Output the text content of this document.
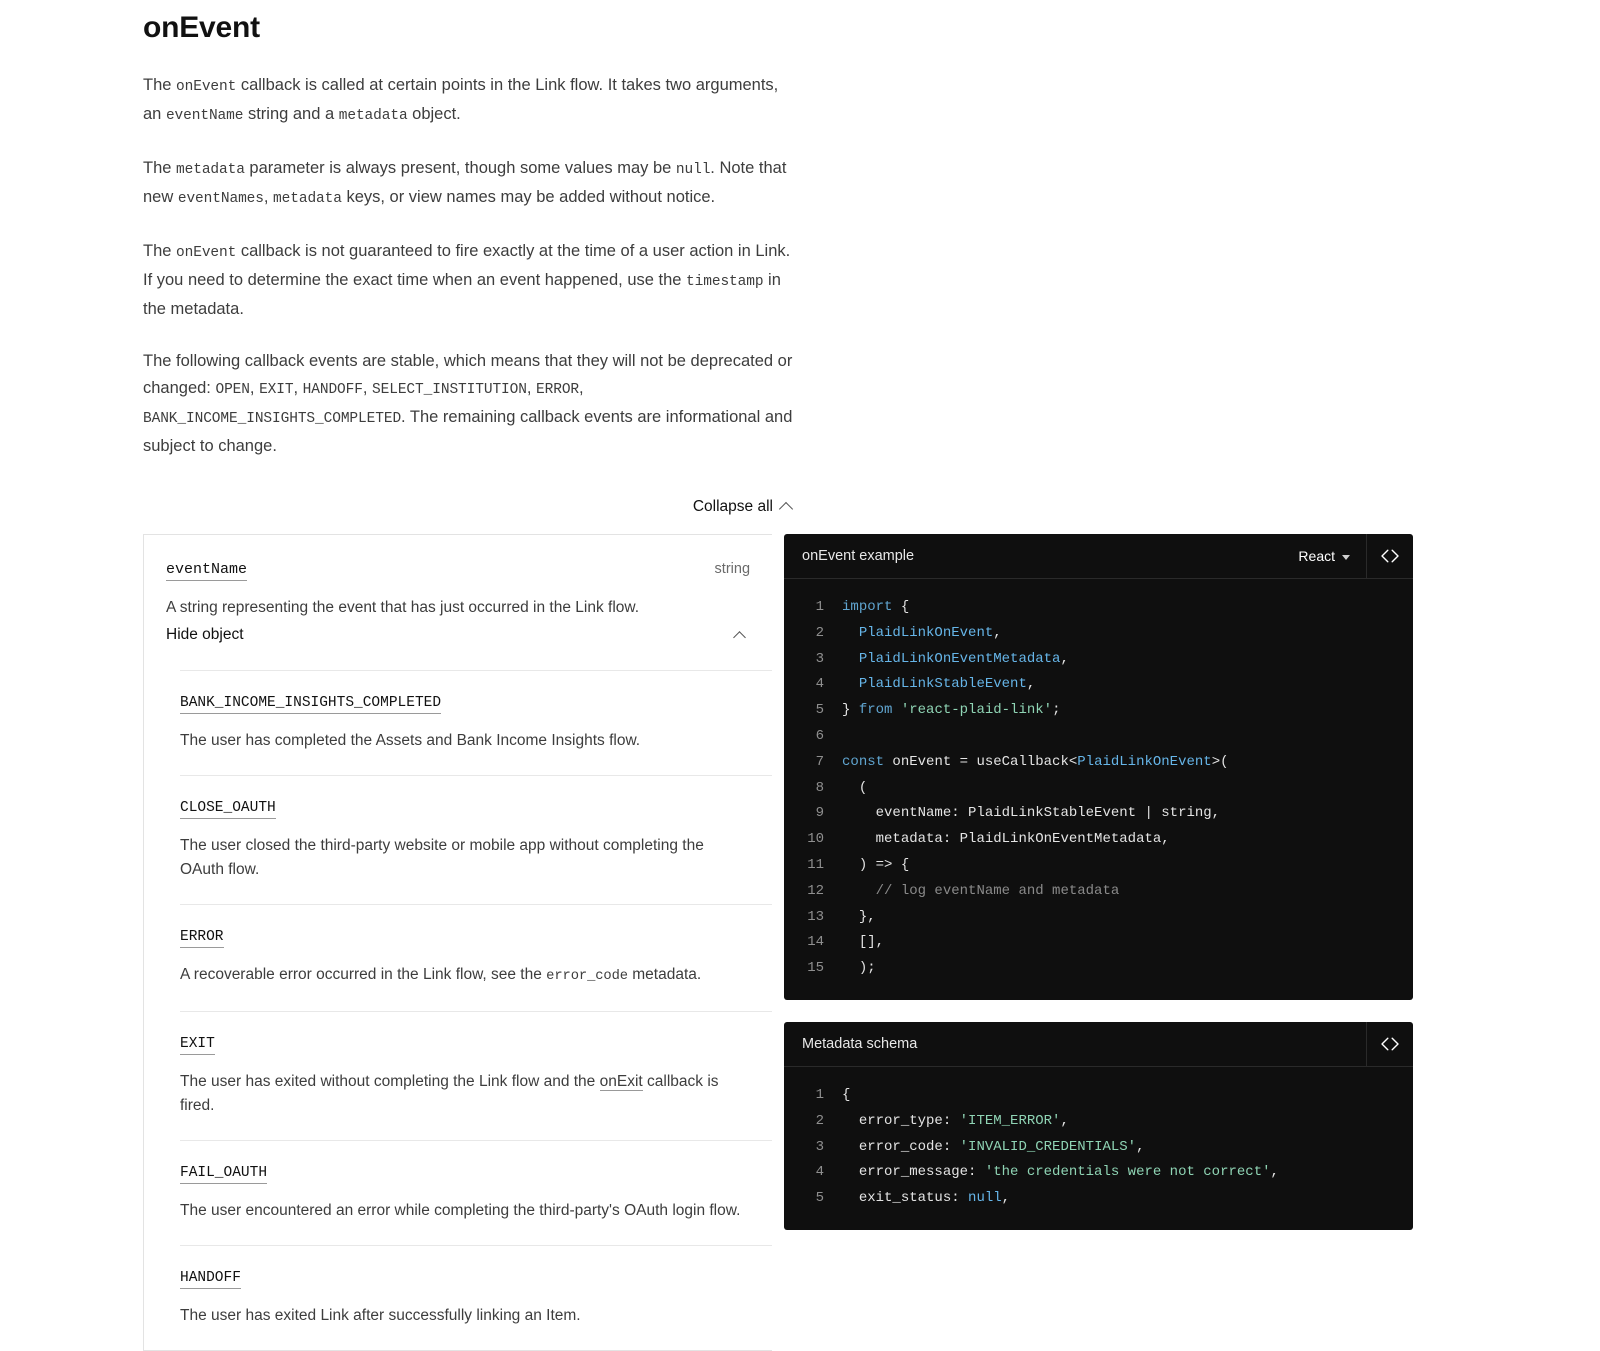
onEvent

The onEvent callback is called at certain points in the Link flow. It takes two arguments, an eventName string and a metadata object.

The metadata parameter is always present, though some values may be null. Note that new eventNames, metadata keys, or view names may be added without notice.

The onEvent callback is not guaranteed to fire exactly at the time of a user action in Link. If you need to determine the exact time when an event happened, use the timestamp in the metadata.

The following callback events are stable, which means that they will not be deprecated or changed: OPEN, EXIT, HANDOFF, SELECT_INSTITUTION, ERROR, BANK_INCOME_INSIGHTS_COMPLETED. The remaining callback events are informational and subject to change.

Collapse all
eventName	string

A string representing the event that has just occurred in the Link flow.

Hide object
BANK_INCOME_INSIGHTS_COMPLETED

The user has completed the Assets and Bank Income Insights flow.

CLOSE_OAUTH

The user closed the third-party website or mobile app without completing the OAuth flow.

ERROR

A recoverable error occurred in the Link flow, see the error_code metadata.

EXIT

The user has exited without completing the Link flow and the onExit callback is fired.

FAIL_OAUTH

The user encountered an error while completing the third-party's OAuth login flow.

HANDOFF

The user has exited Link after successfully linking an Item.

onEvent example	React
1	import {
2	PlaidLinkOnEvent,
3	PlaidLinkOnEventMetadata,
4	PlaidLinkStableEvent,
5	} from 'react-plaid-link';
6
7	const onEvent = useCallback<PlaidLinkOnEvent>(
8	(
9	eventName: PlaidLinkStableEvent | string,
10	metadata: PlaidLinkOnEventMetadata,
11	) => {
12	// log eventName and metadata
13	},
14	[],
15	);
Metadata schema
1	{
2	error_type: 'ITEM_ERROR',
3	error_code: 'INVALID_CREDENTIALS',
4	error_message: 'the credentials were not correct',
5	exit_status: null,
